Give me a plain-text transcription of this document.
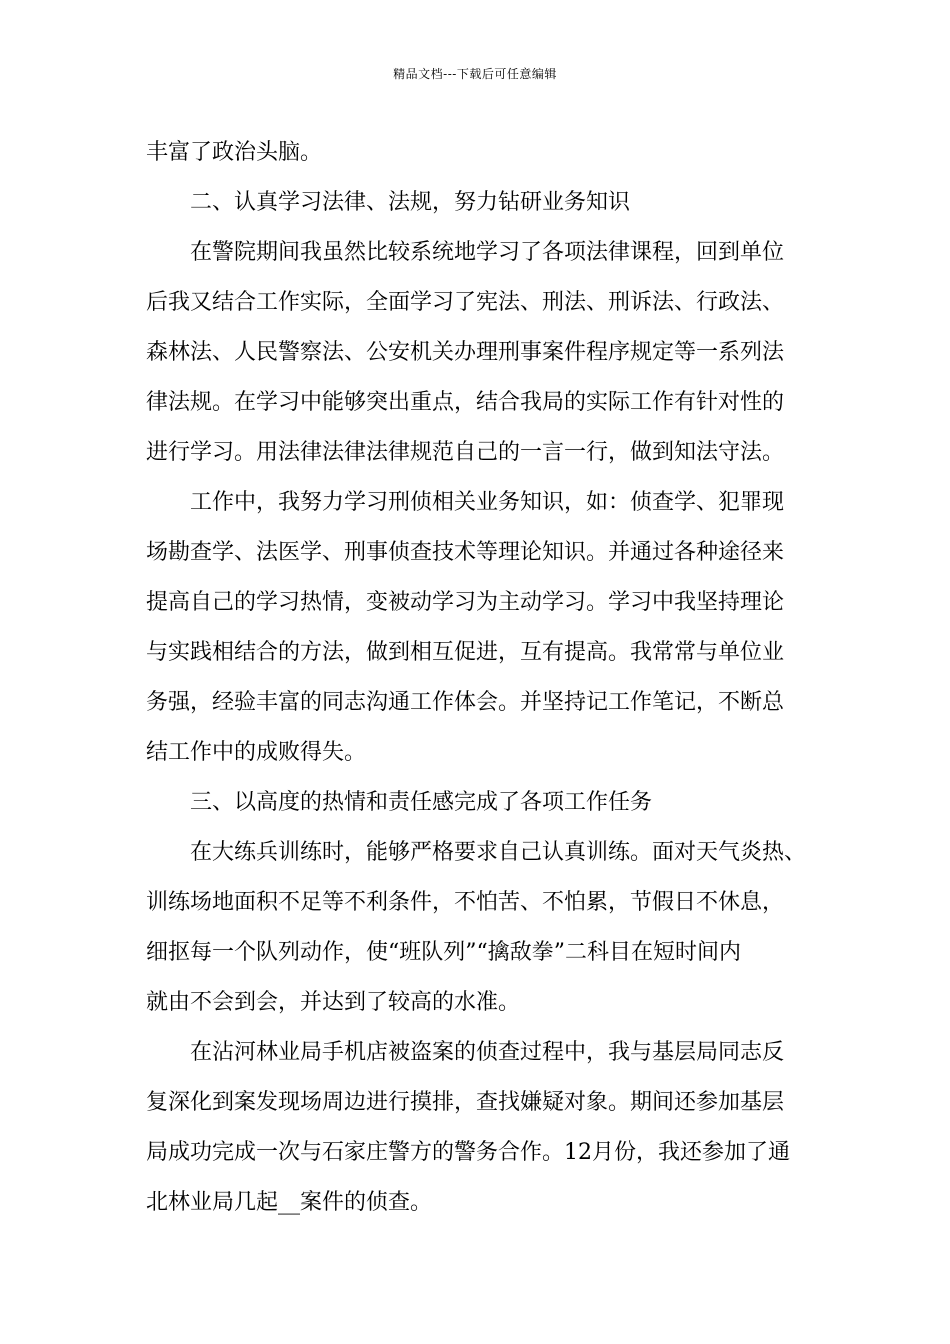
精品文档---下载后可任意编辑

丰富了政治头脑。

二、认真学习法律、法规，努力钻研业务知识

在警院期间我虽然比较系统地学习了各项法律课程，回到单位

后我又结合工作实际，全面学习了宪法、刑法、刑诉法、行政法、

森林法、人民警察法、公安机关办理刑事案件程序规定等一系列法

律法规。在学习中能够突出重点，结合我局的实际工作有针对性的

进行学习。用法律法律法律规范自己的一言一行，做到知法守法。

工作中，我努力学习刑侦相关业务知识，如：侦查学、犯罪现

场勘查学、法医学、刑事侦查技术等理论知识。并通过各种途径来

提高自己的学习热情，变被动学习为主动学习。学习中我坚持理论

与实践相结合的方法，做到相互促进，互有提高。我常常与单位业

务强，经验丰富的同志沟通工作体会。并坚持记工作笔记，不断总

结工作中的成败得失。

三、以高度的热情和责任感完成了各项工作任务

在大练兵训练时，能够严格要求自己认真训练。面对天气炎热、

训练场地面积不足等不利条件，不怕苦、不怕累，节假日不休息，

细抠每一个队列动作，使“班队列”“擒敌拳”二科目在短时间内

就由不会到会，并达到了较高的水准。

在沾河林业局手机店被盗案的侦查过程中，我与基层局同志反

复深化到案发现场周边进行摸排，查找嫌疑对象。期间还参加基层

局成功完成一次与石家庄警方的警务合作。12月份，我还参加了通

北林业局几起__案件的侦查。
